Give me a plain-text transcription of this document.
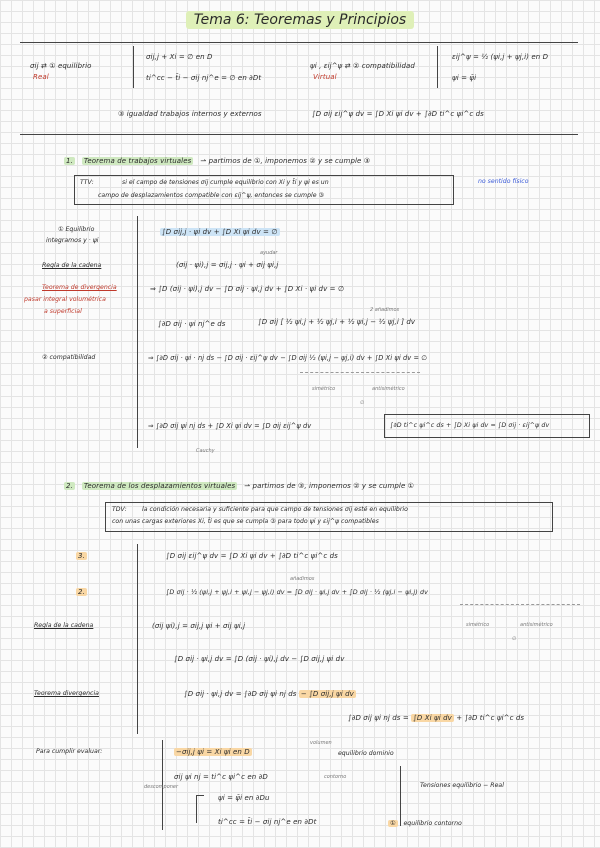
Tema 6: Teoremas y Principios
σij ⇄ ① equilibrio
Real
σij,j + Xi = ∅ en D
ti^cc − t̄i − σij nj^e = ∅ en ∂Dt
ψi , εij^ψ ⇄ ② compatibilidad
Virtual
εij^ψ = ½ (ψi,j + ψj,i) en D
ψi = ψ̄i
③ igualdad trabajos internos y externos	∫D σij εij^ψ dv = ∫D Xi ψi dv + ∫∂D ti^c ψi^c ds
1. Teorema de trabajos virtuales ⇀ partimos de ①, imponemos ② y se cumple ③
TTV:	si el campo de tensiones σij cumple equilibrio con Xi y t̄i y ψi es un
campo de desplazamientos compatible con εij^ψ, entonces se cumple ③
no sentido físico
① Equilibrio
integramos y · ψi
∫D σij,j · ψi dv + ∫D Xi ψi dv = ∅
ayudar
Regla de la cadena	(σij · ψi),j = σij,j · ψi + σij ψi,j
⇒ ∫D (σij · ψi),j dv − ∫D σij · ψi,j dv + ∫D Xi · ψi dv = ∅
Teorema de divergencia
pasar integral volumétrica
a superficial	2 añadimos
∫∂D σij · ψi nj^e ds	∫D σij [ ½ ψi,j + ½ ψj,i + ½ ψi,j − ½ ψj,i ] dv
② compatibilidad	⇒ ∫∂D σij · ψi · nj ds − ∫D σij · εij^ψ dv − ∫D σij ½ (ψi,j − ψj,i) dv + ∫D Xi ψi dv = ∅
simétrico	antisimétrico
∅
⇒ ∫∂D σij ψi nj ds + ∫D Xi ψi dv = ∫D σij εij^ψ dv	∫∂D ti^c ψi^c ds + ∫D Xi ψi dv = ∫D σij · εij^ψ dv
Cauchy
2. Teorema de los desplazamientos virtuales ⇀ partimos de ③, imponemos ② y se cumple ①
TDV: la condición necesaria y suficiente para que campo de tensiones σij esté en equilibrio
con unas cargas exteriores Xi, t̄i es que se cumpla ③ para todo ψi y εij^ψ compatibles
3.	∫D σij εij^ψ dv = ∫D Xi ψi dv + ∫∂D ti^c ψi^c ds
añadimos
2.	∫D σij · ½ (ψi,j + ψj,i + ψi,j − ψj,i) dv = ∫D σij · ψi,j dv + ∫D σij · ½ (ψj,i − ψi,j) dv
simétrico	antisimétrico
∅
Regla de la cadena	(σij ψi),j = σij,j ψi + σij ψi,j
∫D σij · ψi,j dv = ∫D (σij · ψi),j dv − ∫D σij,j ψi dv
Teorema divergencia	∫D σij · ψi,j dv = ∫∂D σij ψi nj ds − ∫D σij,j ψi dv
∫∂D σij ψi nj ds = ∫D Xi ψi dv + ∫∂D ti^c ψi^c ds
Para cumplir evaluar:	−σij,j ψi = Xi ψi en D
volumen
equilibrio dominio
σij ψi nj = ti^c ψi^c en ∂D	contorno
descomponer
ψi = ψ̄i en ∂Du
ti^cc = t̄i − σij nj^e en ∂Dt
Tensiones equilibrio − Real
① equilibrio contorno
